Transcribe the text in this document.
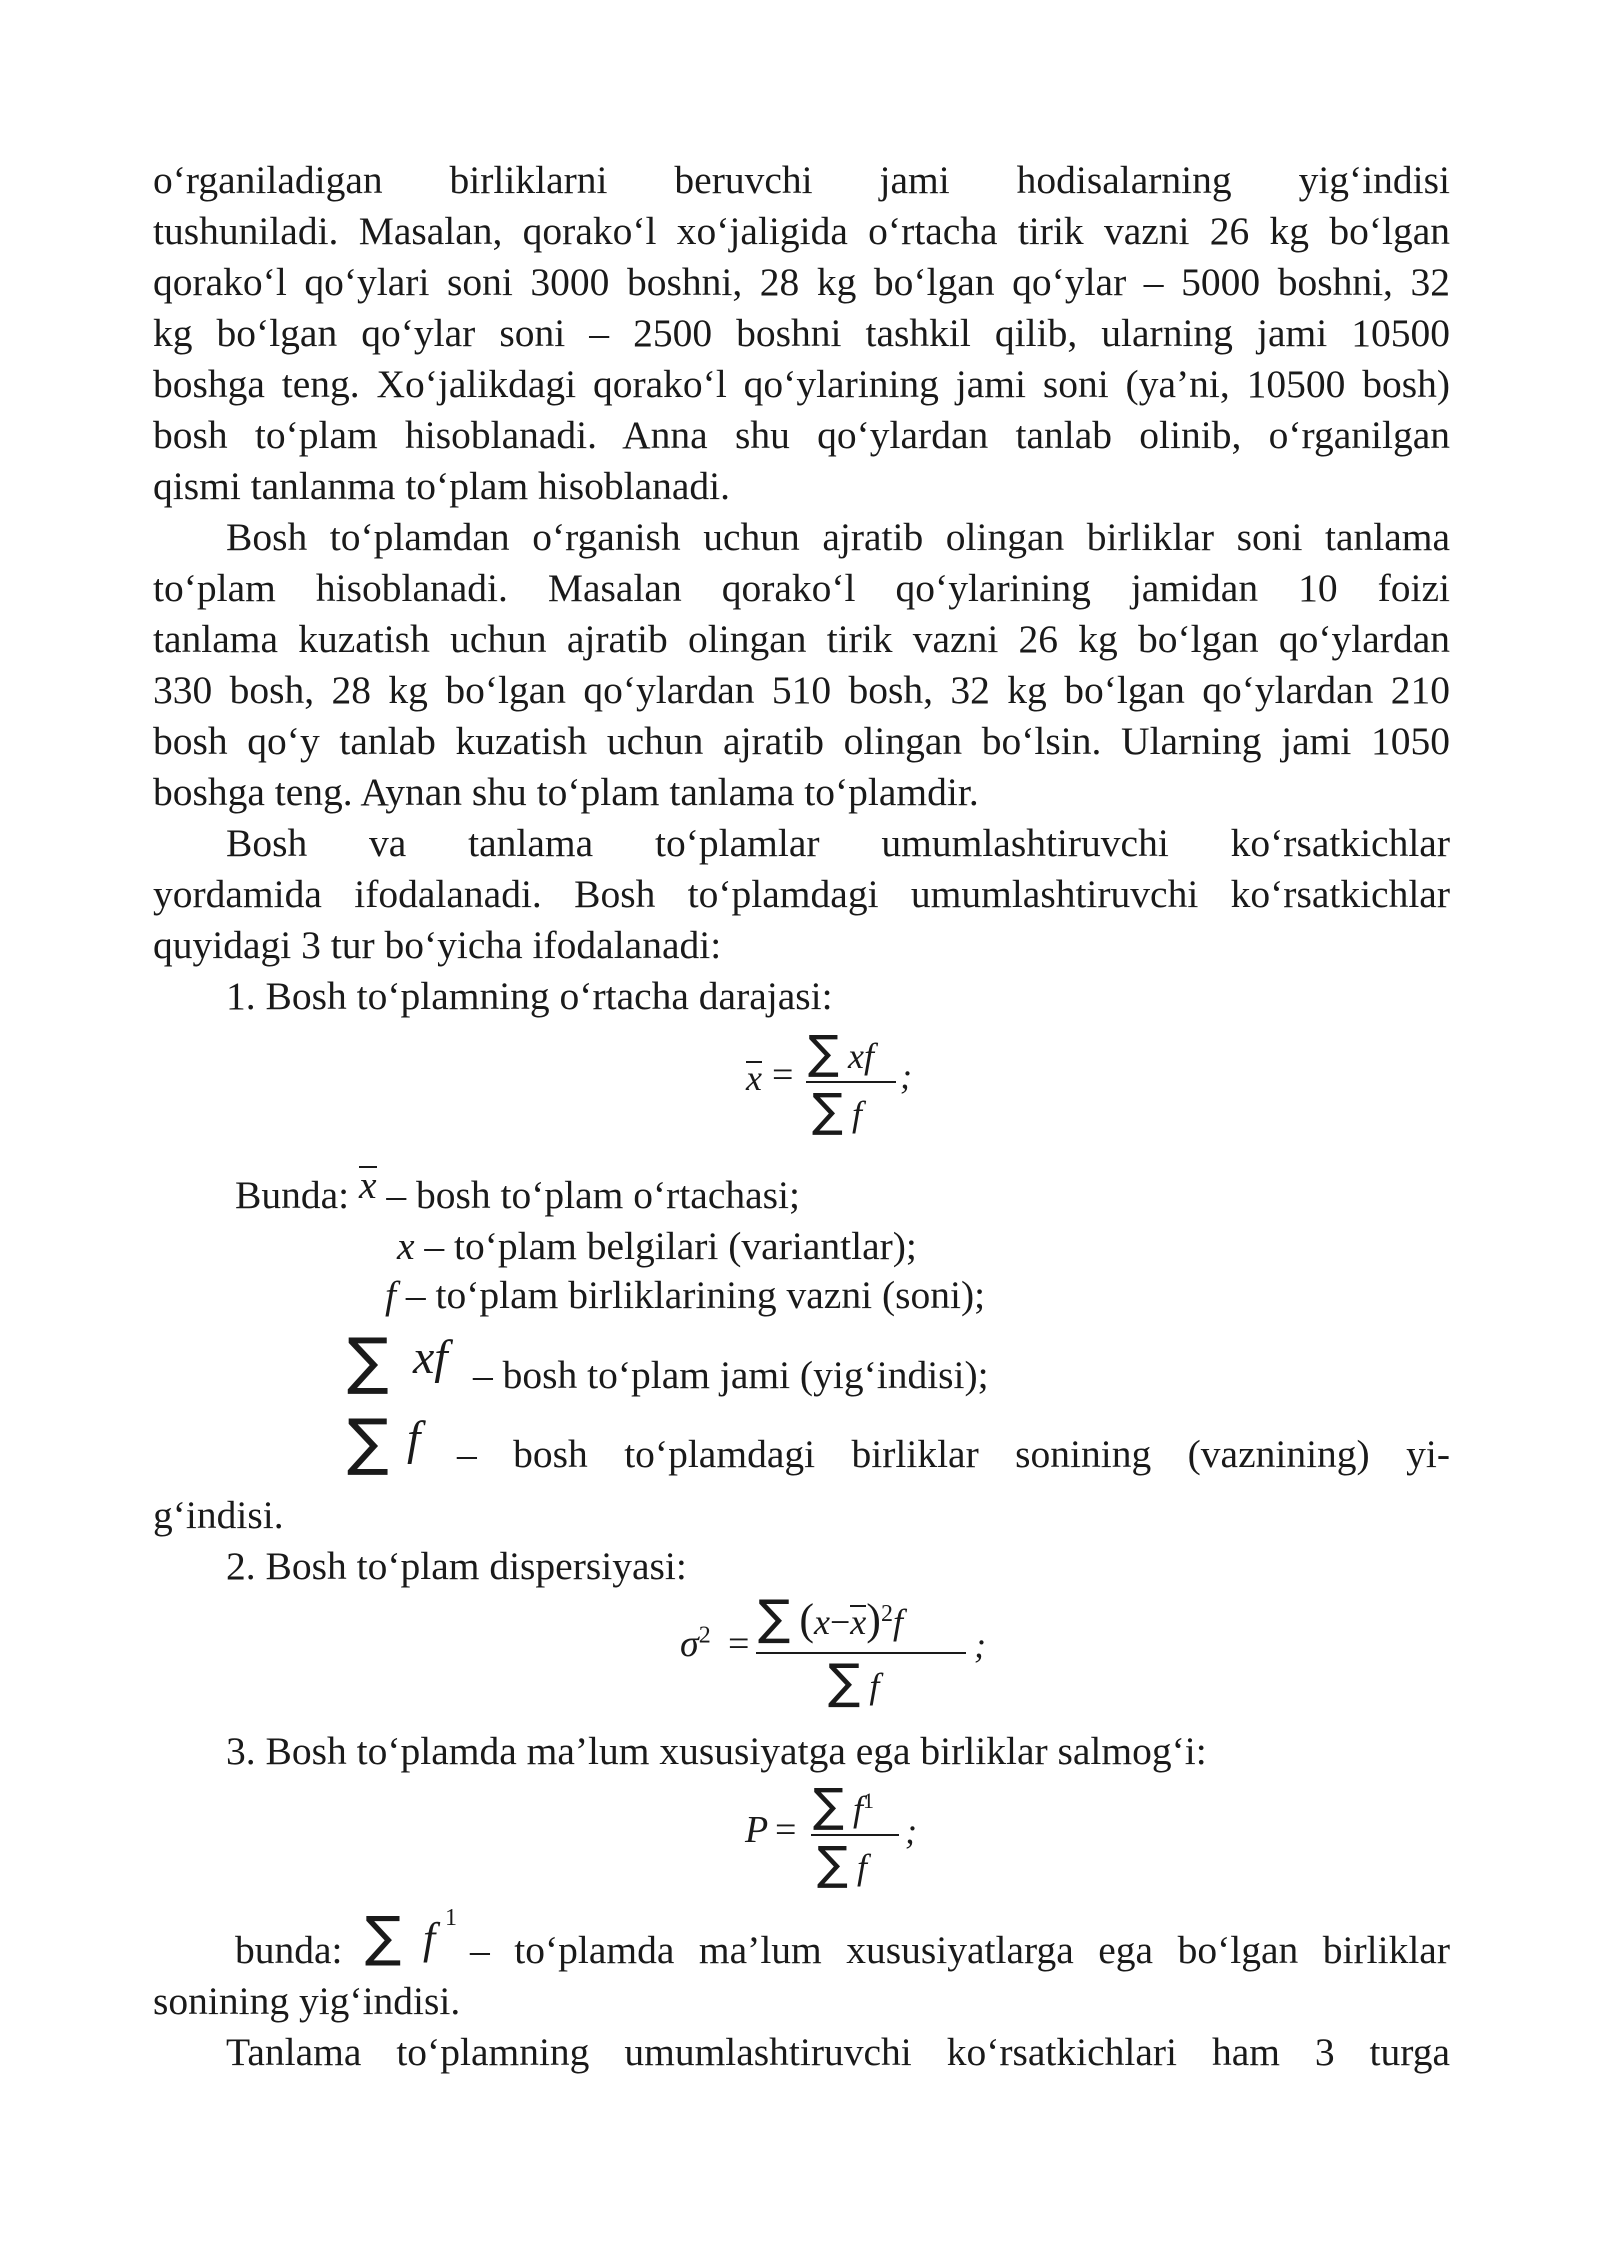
o‘rganiladigan birliklarni beruvchi jami hodisalarning yig‘indisi
tushuniladi. Masalan, qorako‘l xo‘jaligida o‘rtacha tirik vazni 26 kg bo‘lgan
qorako‘l qo‘ylari soni 3000 boshni, 28 kg bo‘lgan qo‘ylar – 5000 boshni, 32
kg bo‘lgan qo‘ylar soni – 2500 boshni tashkil qilib, ularning jami 10500
boshga teng. Xo‘jalikdagi qorako‘l qo‘ylarining jami soni (ya’ni, 10500 bosh)
bosh to‘plam hisoblanadi. Anna shu qo‘ylardan tanlab olinib, o‘rganilgan
qismi tanlanma to‘plam hisoblanadi.
Bosh to‘plamdan o‘rganish uchun ajratib olingan birliklar soni tanlama
to‘plam hisoblanadi. Masalan qorako‘l qo‘ylarining jamidan 10 foizi
tanlama kuzatish uchun ajratib olingan tirik vazni 26 kg bo‘lgan qo‘ylardan
330 bosh, 28 kg bo‘lgan qo‘ylardan 510 bosh, 32 kg bo‘lgan qo‘ylardan 210
bosh qo‘y tanlab kuzatish uchun ajratib olingan bo‘lsin. Ularning jami 1050
boshga teng. Aynan shu to‘plam tanlama to‘plamdir.
Bosh va tanlama to‘plamlar umumlashtiruvchi ko‘rsatkichlar
yordamida ifodalanadi. Bosh to‘plamdagi umumlashtiruvchi ko‘rsatkichlar
quyidagi 3 tur bo‘yicha ifodalanadi:
1. Bosh to‘plamning o‘rtacha darajasi:
x = ∑ xf
∑ f
;
Bunda: x – bosh to‘plam o‘rtachasi;
x – to‘plam belgilari (variantlar);
f – to‘plam birliklarining vazni (soni);
∑ xf – bosh to‘plam jami (yig‘indisi);
∑ f – bosh to‘plamdagi birliklar sonining (vaznining) yi-
g‘indisi.
2. Bosh to‘plam dispersiyasi:
$\sigma^2$ = ∑ $(x-x)^2f$
∑ f
;
3. Bosh to‘plamda ma’lum xususiyatga ega birliklar salmog‘i:
P = ∑ $f^1$
∑ f
;
bunda: ∑ f 1
– to‘plamda ma’lum xususiyatlarga ega bo‘lgan birliklar
sonining yig‘indisi.
Tanlama to‘plamning umumlashtiruvchi ko‘rsatkichlari ham 3 turga
